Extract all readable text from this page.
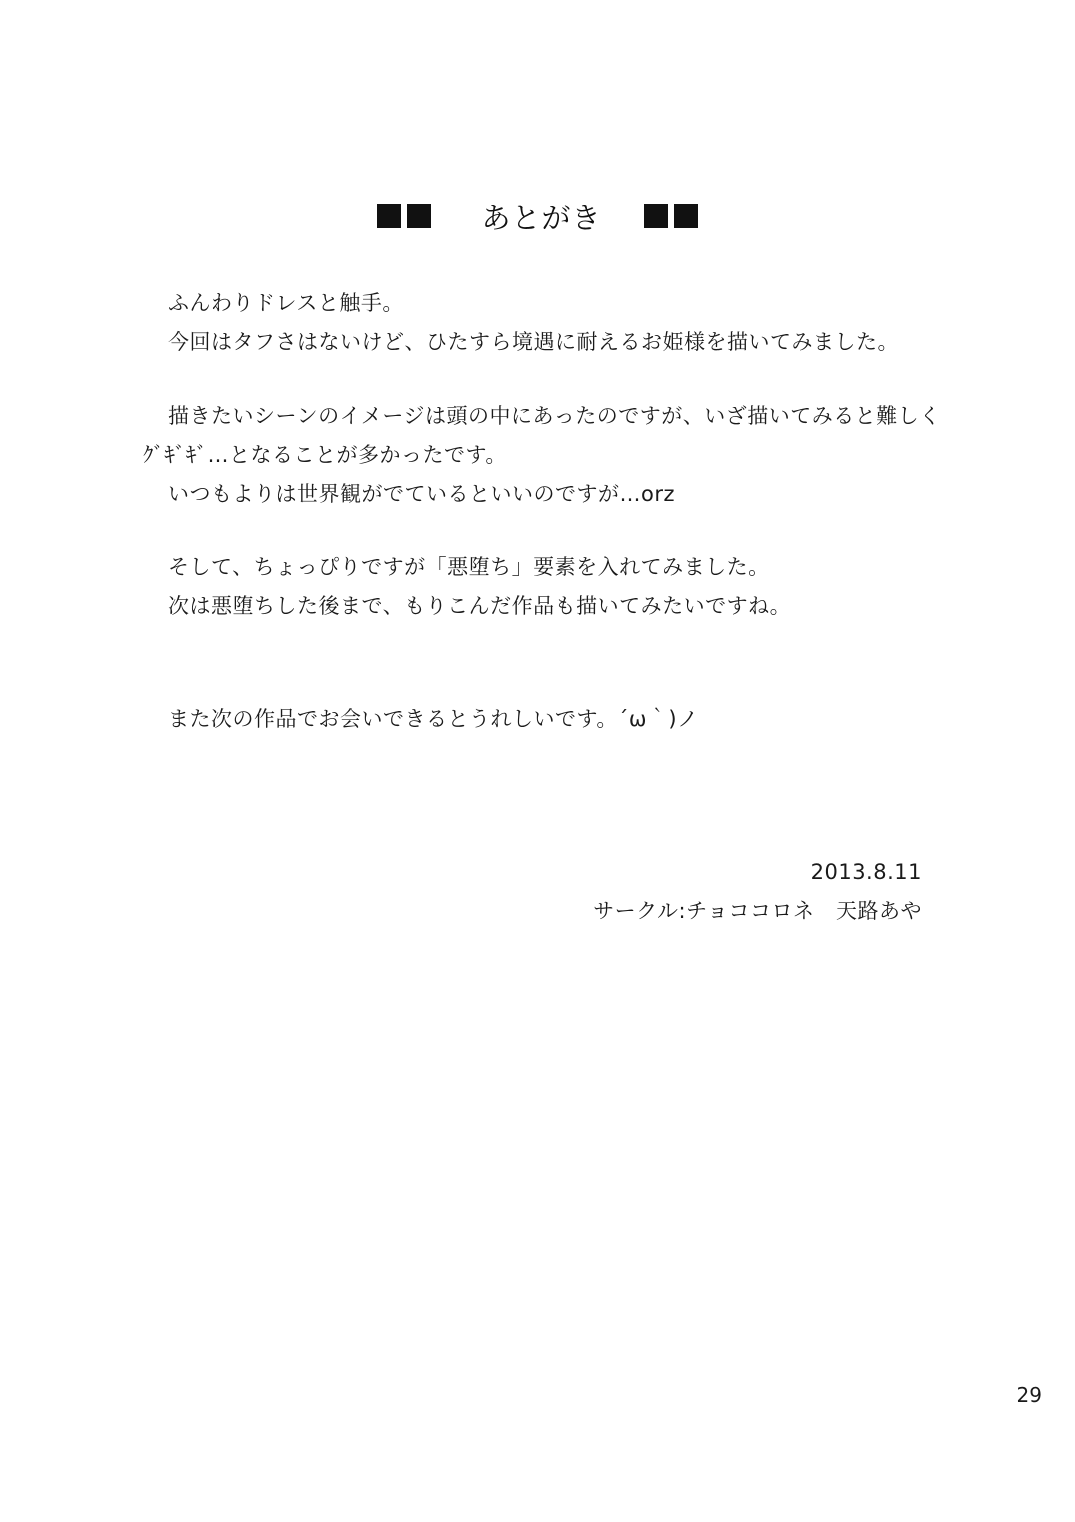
あとがき
ふんわりドレスと触手。
今回はタフさはないけど、ひたすら境遇に耐えるお姫様を描いてみました。
描きたいシーンのイメージは頭の中にあったのですが、いざ描いてみると難しく
ｸﾞｷﾞｷﾞ…となることが多かったです。
いつもよりは世界観がでているといいのですが…orz
そして、ちょっぴりですが「悪堕ち」要素を入れてみました。
次は悪堕ちした後まで、もりこんだ作品も描いてみたいですね。
また次の作品でお会いできるとうれしいです。´ω｀)ノ
2013.8.11
サークル:チョココロネ　天路あや
29
